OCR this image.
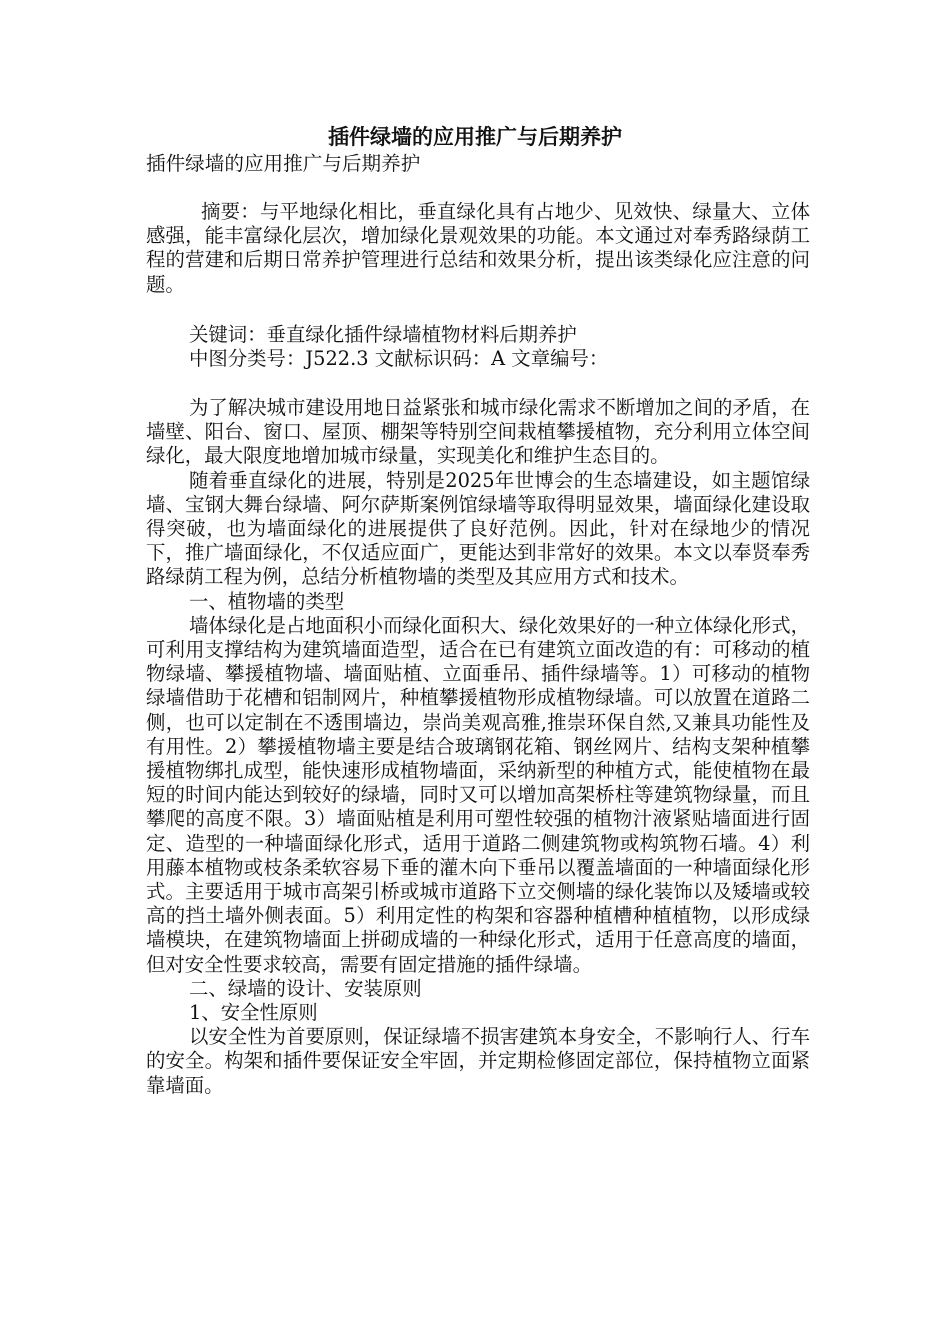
插件绿墙的应用推广与后期养护

插件绿墙的应用推广与后期养护

摘要：与平地绿化相比，垂直绿化具有占地少、见效快、绿量大、立体感强，能丰富绿化层次，增加绿化景观效果的功能。本文通过对奉秀路绿荫工程的营建和后期日常养护管理进行总结和效果分析，提出该类绿化应注意的问题。

关键词：垂直绿化插件绿墙植物材料后期养护

中图分类号：J522.3 文献标识码：A 文章编号：

为了解决城市建设用地日益紧张和城市绿化需求不断增加之间的矛盾，在墙壁、阳台、窗口、屋顶、棚架等特别空间栽植攀援植物，充分利用立体空间绿化，最大限度地增加城市绿量，实现美化和维护生态目的。

随着垂直绿化的进展，特别是2025年世博会的生态墙建设，如主题馆绿墙、宝钢大舞台绿墙、阿尔萨斯案例馆绿墙等取得明显效果，墙面绿化建设取得突破，也为墙面绿化的进展提供了良好范例。因此，针对在绿地少的情况下，推广墙面绿化，不仅适应面广，更能达到非常好的效果。本文以奉贤奉秀路绿荫工程为例，总结分析植物墙的类型及其应用方式和技术。

一、植物墙的类型

墙体绿化是占地面积小而绿化面积大、绿化效果好的一种立体绿化形式，可利用支撑结构为建筑墙面造型，适合在已有建筑立面改造的有：可移动的植物绿墙、攀援植物墙、墙面贴植、立面垂吊、插件绿墙等。1）可移动的植物绿墙借助于花槽和铝制网片，种植攀援植物形成植物绿墙。可以放置在道路二侧，也可以定制在不透围墙边，崇尚美观高雅,推崇环保自然,又兼具功能性及有用性。2）攀援植物墙主要是结合玻璃钢花箱、钢丝网片、结构支架种植攀援植物绑扎成型，能快速形成植物墙面，采纳新型的种植方式，能使植物在最短的时间内能达到较好的绿墙，同时又可以增加高架桥柱等建筑物绿量，而且攀爬的高度不限。3）墙面贴植是利用可塑性较强的植物汁液紧贴墙面进行固定、造型的一种墙面绿化形式，适用于道路二侧建筑物或构筑物石墙。4）利用藤本植物或枝条柔软容易下垂的灌木向下垂吊以覆盖墙面的一种墙面绿化形式。主要适用于城市高架引桥或城市道路下立交侧墙的绿化装饰以及矮墙或较高的挡土墙外侧表面。5）利用定性的构架和容器种植槽种植植物，以形成绿墙模块，在建筑物墙面上拼砌成墙的一种绿化形式，适用于任意高度的墙面，但对安全性要求较高，需要有固定措施的插件绿墙。

二、绿墙的设计、安装原则

1、安全性原则

以安全性为首要原则，保证绿墙不损害建筑本身安全，不影响行人、行车的安全。构架和插件要保证安全牢固，并定期检修固定部位，保持植物立面紧靠墙面。
